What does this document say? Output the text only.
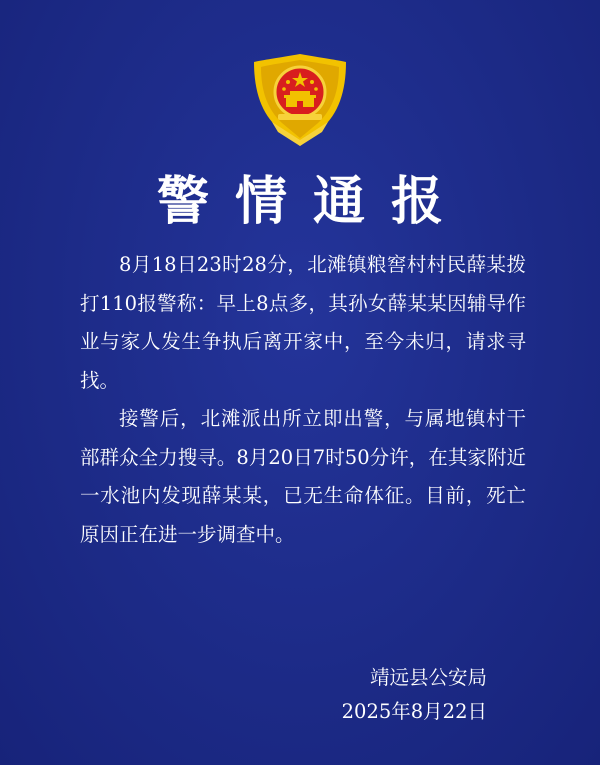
警情通报

8月18日23时28分，北滩镇粮窖村村民薛某拨打110报警称：早上8点多，其孙女薛某某因辅导作业与家人发生争执后离开家中，至今未归，请求寻找。

接警后，北滩派出所立即出警，与属地镇村干部群众全力搜寻。8月20日7时50分许，在其家附近一水池内发现薛某某，已无生命体征。目前，死亡原因正在进一步调查中。

靖远县公安局
2025年8月22日
